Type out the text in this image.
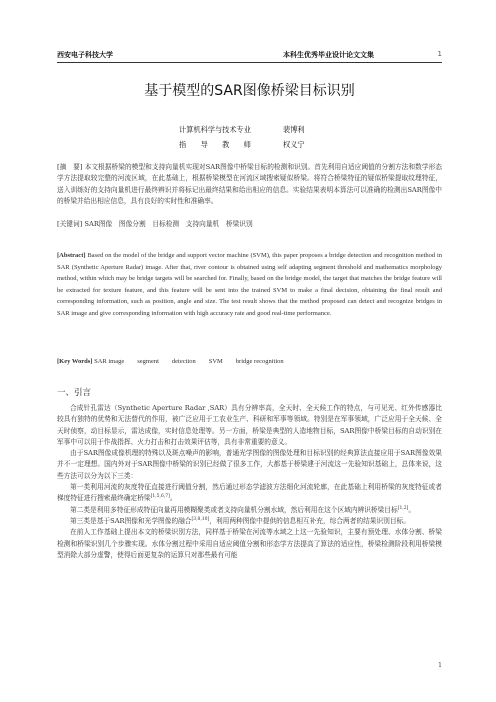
西安电子科技大学	本科生优秀毕业设计论文文集	1
基于模型的SAR图像桥梁目标识别
计算机科学与技术专业	裴博利
指　　导　　教　　师	权义宁
[摘　要] 本文根据桥梁的模型和支持向量机实现对SAR图像中桥梁目标的检测和识别。首先利用自适应阈值的分割方法和数学形态学方法提取较完整的河流区域，在此基础上，根据桥梁模型在河流区域搜索疑似桥梁。将符合桥梁特征的疑似桥梁提取纹理特征，送入训练好的支持向量机进行最终辨识并将标记出最终结果和给出相应的信息。实验结果表明本算法可以准确的检测出SAR图像中的桥梁并给出相应信息，具有良好的实时性和准确率。
[关键词] SAR图像　图像分割　目标检测　支持向量机　桥梁识别
[Abstract] Based on the model of the bridge and support vector machine (SVM), this paper proposes a bridge detection and recognition method in SAR (Synthetic Aperture Radar) image. After that, river contour is obtained using self adapting segment threshold and mathematics morphology method, within which may be bridge targets will be searched for. Finally, based on the bridge model, the target that matches the bridge feature will be extracted for texture feature, and this feature will be sent into the trained SVM to make a final decision, obtaining the final result and corresponding information, such as position, angle and size. The test result shows that the method proposed can detect and recognize bridges in SAR image and give corresponding information with high accuracy rate and good real-time performance.
[Key Words] SAR image　　segment　　detection　　SVM　　bridge recognition
一、引言

合成针孔雷达（Synthetic Aperture Radar ,SAR）具有分辨率高，全天时、全天候工作的特点，与可见光、红外传感器比较具有独特的优势和无法替代的作用，被广泛应用于工农业生产、科研和军事等领域。特别是在军事领域，广泛应用于全天候、全天时侦察，动目标显示，雷达成像，实时信息处理等。另一方面，桥梁是典型的人造地物目标，SAR图像中桥梁目标的自动识别在军事中可以用于作战指挥、火力打击和打击效果评估等，具有非常重要的意义。

由于SAR图像成像机理的特殊以及斑点噪声的影响，普通光学图像的图像处理和目标识别的经典算法直接应用于SAR图像效果并不一定理想。国内外对于SAR图像中桥梁的识别已经做了很多工作，大都基于桥梁建于河流这一先验知识基础上，总体来说，这些方法可以分为以下三类：

第一类利用河流的灰度特征直接进行阈值分割，然后通过形态学滤波方法细化河流轮廓，在此基础上利用桥梁的灰度特征或者梯度特征进行搜索最终确定桥梁[1,5,6,7]。

第二类是利用多特征形成特征向量再用模糊聚类或者支持向量机分割水域，然后利用在这个区域内辨识桥梁目标[1,2]。

第三类是基于SAR图像和光学图像的融合[3,8,10]，利用两种图像中提供的信息相互补充，综合两者的结果识别目标。

在前人工作基础上提出本文的桥梁识别方法，同样基于桥梁在河流等水域之上这一先验知识，主要有预处理、水体分割、桥梁检测和桥梁识别几个步骤实现。水体分割过程中采用自适应阈值分割和形态学方法提高了算法的适应性，桥梁检测阶段利用桥梁模型消除大部分虚警，使得后面更复杂的运算只对那些最有可能

1
